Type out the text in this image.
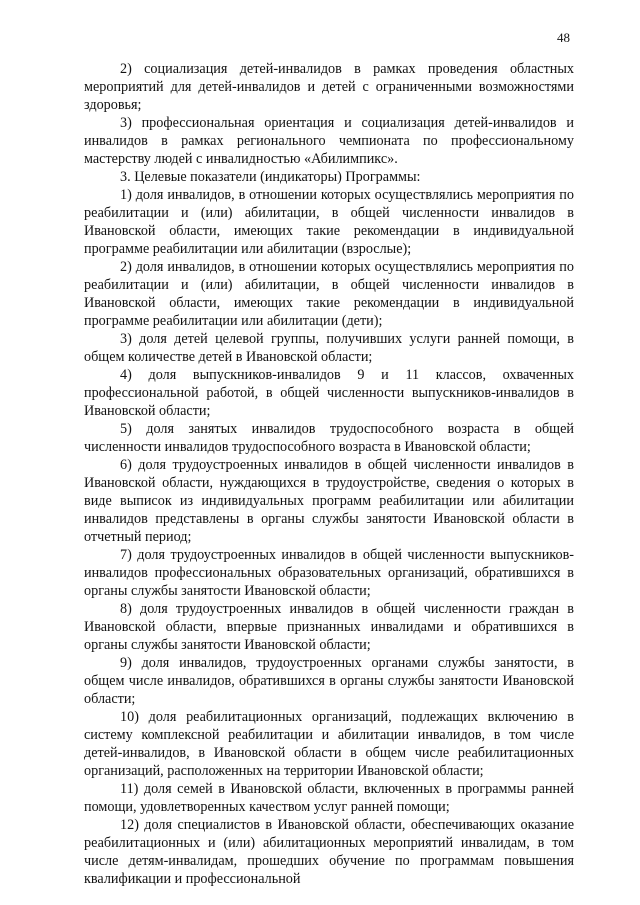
48

2) социализация детей-инвалидов в рамках проведения областных мероприятий для детей-инвалидов и детей с ограниченными возможностями здоровья;

3) профессиональная ориентация и социализация детей-инвалидов и инвалидов в рамках регионального чемпионата по профессиональному мастерству людей с инвалидностью «Абилимпикс».

3. Целевые показатели (индикаторы) Программы:

1) доля инвалидов, в отношении которых осуществлялись мероприятия по реабилитации и (или) абилитации, в общей численности инвалидов в Ивановской области, имеющих такие рекомендации в индивидуальной программе реабилитации или абилитации (взрослые);

2) доля инвалидов, в отношении которых осуществлялись мероприятия по реабилитации и (или) абилитации, в общей численности инвалидов в Ивановской области, имеющих такие рекомендации в индивидуальной программе реабилитации или абилитации (дети);

3) доля детей целевой группы, получивших услуги ранней помощи, в общем количестве детей в Ивановской области;

4) доля выпускников-инвалидов 9 и 11 классов, охваченных профессиональной работой, в общей численности выпускников-инвалидов в Ивановской области;

5) доля занятых инвалидов трудоспособного возраста в общей численности инвалидов трудоспособного возраста в Ивановской области;

6) доля трудоустроенных инвалидов в общей численности инвалидов в Ивановской области, нуждающихся в трудоустройстве, сведения о которых в виде выписок из индивидуальных программ реабилитации или абилитации инвалидов представлены в органы службы занятости Ивановской области в отчетный период;

7) доля трудоустроенных инвалидов в общей численности выпускников-инвалидов профессиональных образовательных организаций, обратившихся в органы службы занятости Ивановской области;

8) доля трудоустроенных инвалидов в общей численности граждан в Ивановской области, впервые признанных инвалидами и обратившихся в органы службы занятости Ивановской области;

9) доля инвалидов, трудоустроенных органами службы занятости, в общем числе инвалидов, обратившихся в органы службы занятости Ивановской области;

10) доля реабилитационных организаций, подлежащих включению в систему комплексной реабилитации и абилитации инвалидов, в том числе детей-инвалидов, в Ивановской области в общем числе реабилитационных организаций, расположенных на территории Ивановской области;

11) доля семей в Ивановской области, включенных в программы ранней помощи, удовлетворенных качеством услуг ранней помощи;

12) доля специалистов в Ивановской области, обеспечивающих оказание реабилитационных и (или) абилитационных мероприятий инвалидам, в том числе детям-инвалидам, прошедших обучение по программам повышения квалификации и профессиональной
